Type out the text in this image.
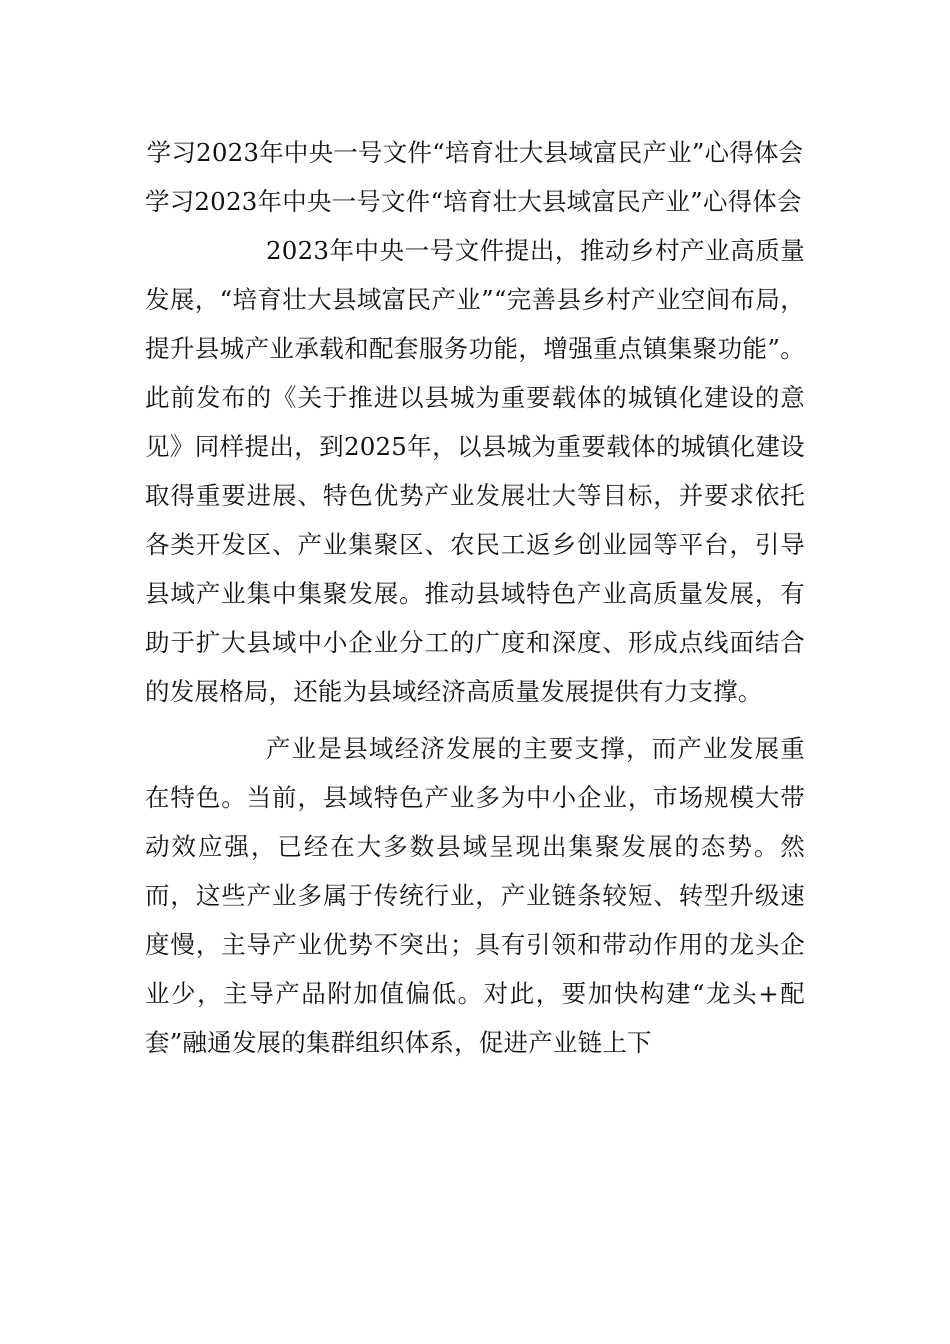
学习2023年中央一号文件“培育壮大县域富民产业”心得体会

学习2023年中央一号文件“培育壮大县域富民产业”心得体会

2023年中央一号文件提出，推动乡村产业高质量发展，“培育壮大县域富民产业”“完善县乡村产业空间布局，提升县城产业承载和配套服务功能，增强重点镇集聚功能”。此前发布的《关于推进以县城为重要载体的城镇化建设的意见》同样提出，到2025年，以县城为重要载体的城镇化建设取得重要进展、特色优势产业发展壮大等目标，并要求依托各类开发区、产业集聚区、农民工返乡创业园等平台，引导县域产业集中集聚发展。推动县域特色产业高质量发展，有助于扩大县域中小企业分工的广度和深度、形成点线面结合的发展格局，还能为县域经济高质量发展提供有力支撑。

产业是县域经济发展的主要支撑，而产业发展重在特色。当前，县域特色产业多为中小企业，市场规模大带动效应强，已经在大多数县域呈现出集聚发展的态势。然而，这些产业多属于传统行业，产业链条较短、转型升级速度慢，主导产业优势不突出；具有引领和带动作用的龙头企业少，主导产品附加值偏低。对此，要加快构建“龙头+配套”融通发展的集群组织体系，促进产业链上下
